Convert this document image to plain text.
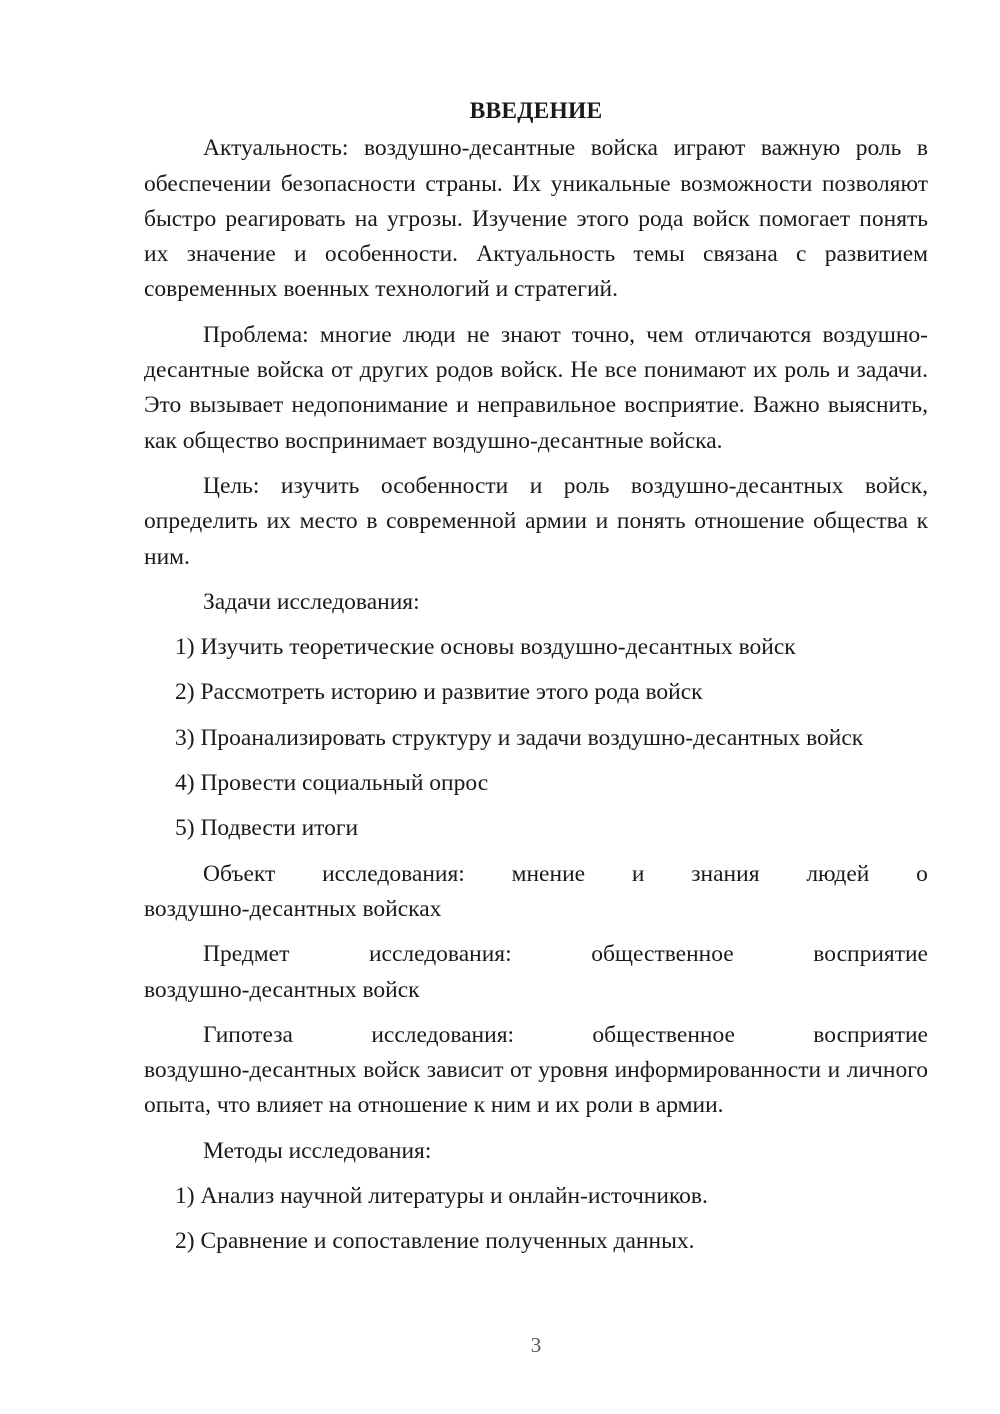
ВВЕДЕНИЕ

Актуальность: воздушно-десантные войска играют важную роль в обеспечении безопасности страны. Их уникальные возможности позволяют быстро реагировать на угрозы. Изучение этого рода войск помогает понять их значение и особенности. Актуальность темы связана с развитием современных военных технологий и стратегий.

Проблема: многие люди не знают точно, чем отличаются воздушно-десантные войска от других родов войск. Не все понимают их роль и задачи. Это вызывает недопонимание и неправильное восприятие. Важно выяснить, как общество воспринимает воздушно-десантные войска.

Цель: изучить особенности и роль воздушно-десантных войск, определить их место в современной армии и понять отношение общества к ним.

Задачи исследования:

1) Изучить теоретические основы воздушно-десантных войск

2) Рассмотреть историю и развитие этого рода войск

3) Проанализировать структуру и задачи воздушно-десантных войск

4) Провести социальный опрос

5) Подвести итоги

Объект исследования: мнение и знания людей о

воздушно-десантных войсках

Предмет	исследования:	общественное	восприятие

воздушно-десантных войск

Гипотеза	исследования:	общественное	восприятие

воздушно-десантных войск зависит от уровня информированности и личного опыта, что влияет на отношение к ним и их роли в армии.

Методы исследования:

1) Анализ научной литературы и онлайн-источников.

2) Сравнение и сопоставление полученных данных.

3
